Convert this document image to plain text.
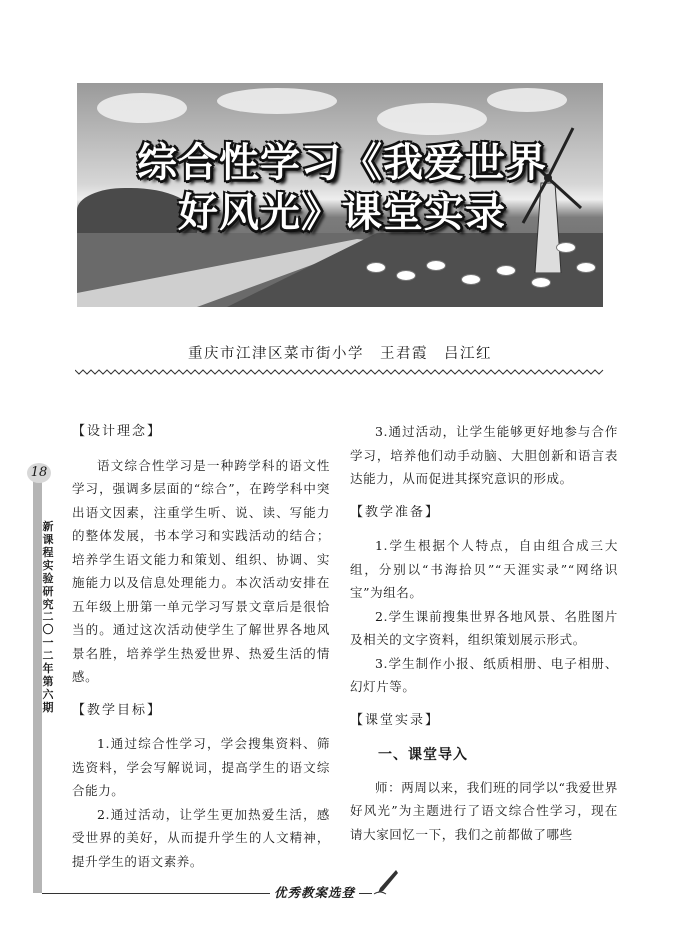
综合性学习《我爱世界
好风光》课堂实录
重庆市江津区菜市街小学　王君霞　吕江红
18
新课程实验研究
二〇一二年第六期
【设计理念】

语文综合性学习是一种跨学科的语文性学习，强调多层面的“综合”，在跨学科中突出语文因素，注重学生听、说、读、写能力的整体发展，书本学习和实践活动的结合；培养学生语文能力和策划、组织、协调、实施能力以及信息处理能力。本次活动安排在五年级上册第一单元学习写景文章后是很恰当的。通过这次活动使学生了解世界各地风景名胜，培养学生热爱世界、热爱生活的情感。

【教学目标】

1.通过综合性学习，学会搜集资料、筛选资料，学会写解说词，提高学生的语文综合能力。

2.通过活动，让学生更加热爱生活，感受世界的美好，从而提升学生的人文精神，提升学生的语文素养。

3.通过活动，让学生能够更好地参与合作学习，培养他们动手动脑、大胆创新和语言表达能力，从而促进其探究意识的形成。

【教学准备】

1.学生根据个人特点，自由组合成三大组，分别以“书海拾贝”“天涯实录”“网络识宝”为组名。

2.学生课前搜集世界各地风景、名胜图片及相关的文字资料，组织策划展示形式。

3.学生制作小报、纸质相册、电子相册、幻灯片等。

【课堂实录】
一、课堂导入

师：两周以来，我们班的同学以“我爱世界好风光”为主题进行了语文综合性学习，现在请大家回忆一下，我们之前都做了哪些

优秀教案选登
